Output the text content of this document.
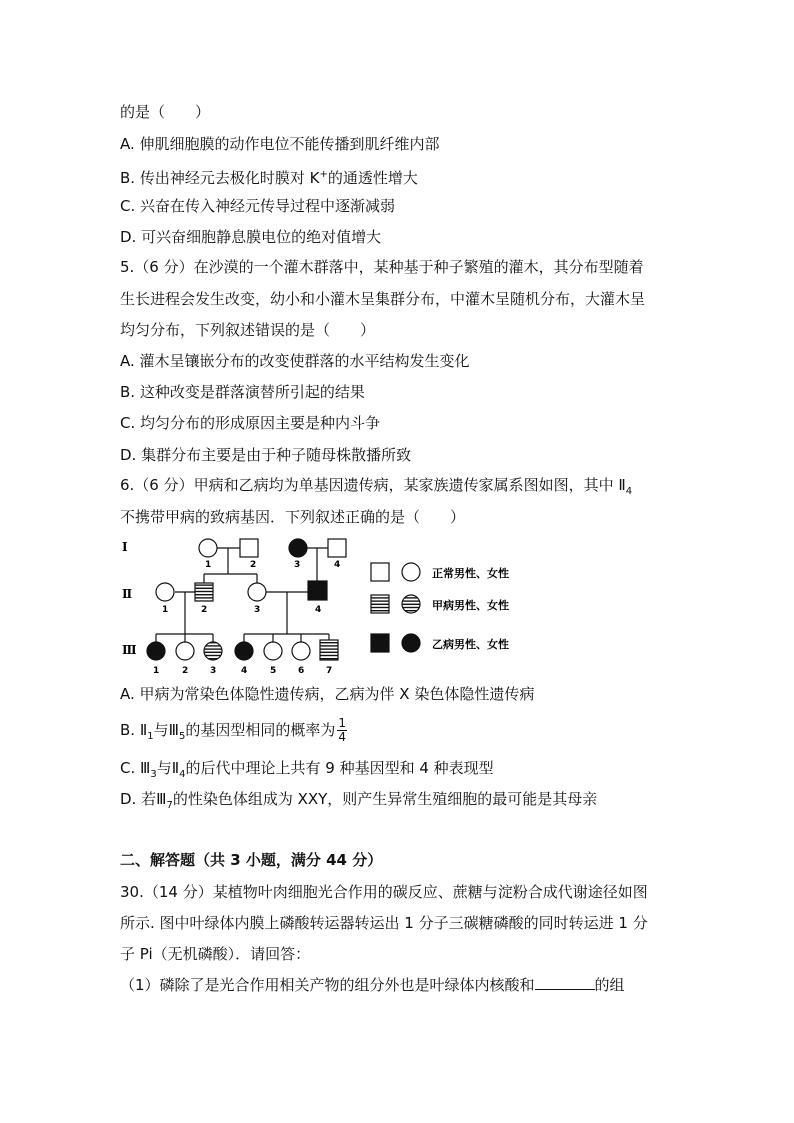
的是（　　）
A. 伸肌细胞膜的动作电位不能传播到肌纤维内部
B. 传出神经元去极化时膜对 K+的通透性增大
C. 兴奋在传入神经元传导过程中逐渐减弱
D. 可兴奋细胞静息膜电位的绝对值增大
5.（6 分）在沙漠的一个灌木群落中，某种基于种子繁殖的灌木，其分布型随着
生长进程会发生改变，幼小和小灌木呈集群分布，中灌木呈随机分布，大灌木呈
均匀分布，下列叙述错误的是（　　）
A. 灌木呈镶嵌分布的改变使群落的水平结构发生变化
B. 这种改变是群落演替所引起的结果
C. 均匀分布的形成原因主要是种内斗争
D. 集群分布主要是由于种子随母株散播所致
6.（6 分）甲病和乙病均为单基因遗传病，某家族遗传家属系图如图，其中 $Ⅱ_4$
不携带甲病的致病基因．下列叙述正确的是（　　）
Ⅰ
Ⅱ
Ⅲ
1	2	3	4
1	2	3	4
1	2 3	4	5 6 7
正常男性、女性
甲病男性、女性
乙病男性、女性
A. 甲病为常染色体隐性遗传病，乙病为伴 X 染色体隐性遗传病
B. $Ⅱ_1$与$Ⅲ_5$的基因型相同的概率为 $\frac{1}{4}$
C. $Ⅲ_3$与$Ⅱ_4$的后代中理论上共有 9 种基因型和 4 种表现型
D. 若$Ⅲ_7$的性染色体组成为 XXY，则产生异常生殖细胞的最可能是其母亲
二、解答题（共 3 小题，满分 44 分）
30.（14 分）某植物叶肉细胞光合作用的碳反应、蔗糖与淀粉合成代谢途径如图
所示. 图中叶绿体内膜上磷酸转运器转运出 1 分子三碳糖磷酸的同时转运进 1 分
子 Pi（无机磷酸）．请回答：
（1）磷除了是光合作用相关产物的组分外也是叶绿体内核酸和	的组
